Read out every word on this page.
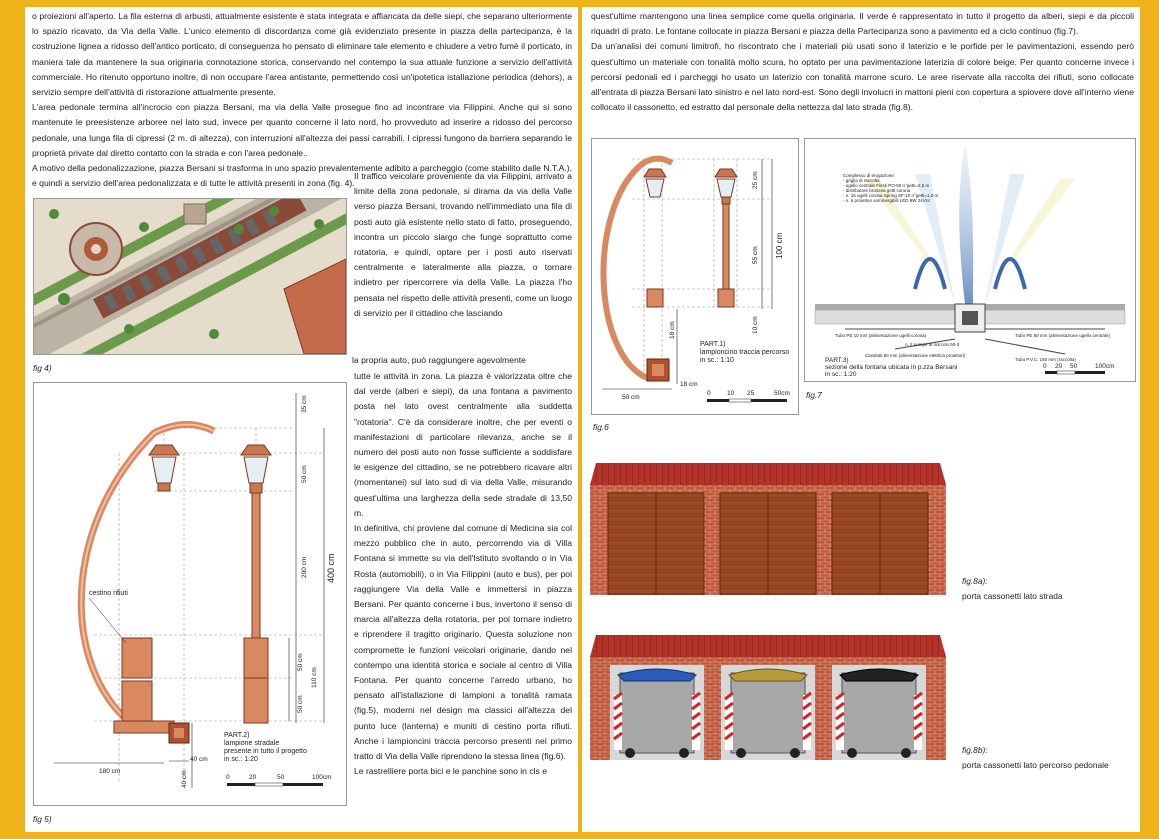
o proiezioni all'aperto. La fila esterna di arbusti, attualmente esistente è stata integrata e affiancata da delle siepi, che separano ulteriormente lo spazio ricavato, da Via della Valle. L'unico elemento di discordanza come già evidenziato presente in piazza della partecipanza, è la costruzione lignea a ridosso dell'antico porticato, di conseguenza ho pensato di eliminare tale elemento e chiudere a vetro fumè il porticato, in maniera tale da mantenere la sua originaria connotazione storica, conservando nel contempo la sua attuale funzione a servizio dell'attività commerciale. Ho ritenuto opportuno inoltre, di non occupare l'area antistante, permettendo così un'ipotetica istallazione periodica (dehors), a servizio sempre dell'attività di ristorazione attualmente presente.

L'area pedonale termina all'incrocio con piazza Bersani, ma via della Valle prosegue fino ad incontrare via Filippini. Anche qui si sono mantenute le preesistenze arboree nel lato sud, invece per quanto concerne il lato nord, ho provveduto ad inserire a ridosso del percorso pedonale, una lunga fila di cipressi (2 m. di altezza), con interruzioni all'altezza dei passi carrabili. I cipressi fungono da barriera separando le proprietà private dal diretto contatto con la strada e con l'area pedonale..

A motivo della pedonalizzazione, piazza Bersani si trasforma in uno spazio prevalentemente adibito a parcheggio (come stabilito dalle N.T.A.), e quindi a servizio dell'area pedonalizzata e di tutte le attività presenti in zona (fig. 4).

fig 4)

Il traffico veicolare proveniente da via Filippini, arrivato a limite della zona pedonale, si dirama da via della Valle verso piazza Bersani, trovando nell'immediato una fila di posti auto già esistente nello stato di fatto, proseguendo, incontra un piccolo slargo che funge soprattutto come rotatoria, e quindi, optare per i posti auto riservati centralmente e lateralmente alla piazza, o tornare indietro per ripercorrere via della Valle. La piazza l'ho pensata nel rispetto delle attività presenti, come un luogo di servizio per il cittadino che lasciando

la propria auto, può raggiungere agevolmente

tutte le attività in zona. La piazza è valorizzata oltre che dal verde (alberi e siepi), da una fontana a pavimento posta nel lato ovest centralmente alla suddetta "rotatoria". C'è da considerare inoltre, che per eventi o manifestazioni di particolare rilevanza, anche se il numero dei posti auto non fosse sufficiente a soddisfare le esigenze del cittadino, se ne potrebbero ricavare altri (momentanei) sul lato sud di via della Valle, misurando quest'ultima una larghezza della sede stradale di 13,50 m.

In definitiva, chi proviene dal comune di Medicina sia col mezzo pubblico che in auto, percorrendo via di Villa Fontana si immette su via dell'Istituto svoltando o in Via Rosta (automobili), o in Via Filippini (auto e bus), per poi raggiungere Via della Valle e immettersi in piazza Bersani. Per quanto concerne i bus, invertono il senso di marcia all'altezza della rotatoria, per poi tornare indietro e riprendere il tragitto originario. Questa soluzione non compromette le funzioni veicolari originarie, dando nel contempo una identità storica e sociale al centro di Villa Fontana. Per quanto concerne l'arredo urbano, ho pensato all'istallazione di lampioni a tonalità ramata (fig.5), moderni nel design ma classici all'altezza del punto luce (lanterna) e muniti di cestino porta rifiuti. Anche i lampioncini traccia percorso presenti nel primo tratto di Via della Valle riprendono la stessa linea (fig.6).

Le rastrelliere porta bici e le panchine sono in cls e

35 cm
50 cm
200 cm 400 cm
50 cm
110 cm
50 cm
180 cm
40 cm
40 cm
cestino rifiuti
PART.2)
lampione stradale
presente in tutto il progetto
in sc.: 1:20
0	20	50	100cm
fig 5)

quest'ultime mantengono una linea semplice come quella originaria. Il verde è rappresentato in tutto il progetto da alberi, siepi e da piccoli riquadri di prato. Le fontane collocate in piazza Bersani e piazza della Partecipanza sono a pavimento ed a ciclo continuo (fig.7).

Da un'analisi dei comuni limitrofi, ho riscontrato che i materiali più usati sono il laterizio e le porfide per le pavimentazioni, essendo però quest'ultimo un materiale con tonalità molto scura, ho optato per una pavimentazione laterizia di colore beige. Per quanto concerne invece i percorsi pedonali ed i parcheggi ho usato un laterizio con tonalità marrone scuro. Le aree riservate alla raccolta dei rifiuti, sono collocate all'entrata di piazza Bersani lato sinistro e nel lato nord-est. Sono degli involucri in mattoni pieni con copertura a spiovere dove all'interno viene collocato il cassonetto, ed estratto dal personale della nettezza dal lato strada (fig.8).

25 cm
100 cm
55 cm
10 cm
18 cm
18 cm
50 cm
PART.1)
lampioncino traccia percorso
in sc.: 1:10
0	10 25	50cm
fig.6
Complesso di erogazione:
- griglia di raccolta
- ugello centrale Fiesti PO-50 n°getti=2,5 m
- distributore bronzea getti corona
- n. 16 ugelli corona Spring SF-10 n°getti=1,0 m
- n. 6 proiettori sommergibili LED 9W 24Vcc
Tubo PE 10 mm (alimentazione ugelli corona)
n. 2 pompe di ricircolo 50-3
Cavidotti 80 mm (alimentazione elettrica proiettori)
Tubo PE 50 mm (alimentazione ugello centrale)
Tubo P.V.C. 160 mm (raccolta)
PART.3)
sezione della fontana ubicata in p.zza Bersani
in sc.: 1:20
0 20 50	100cm
fig.7
fig.8a):
porta cassonetti lato strada
fig.8b):
porta cassonetti lato percorso pedonale
